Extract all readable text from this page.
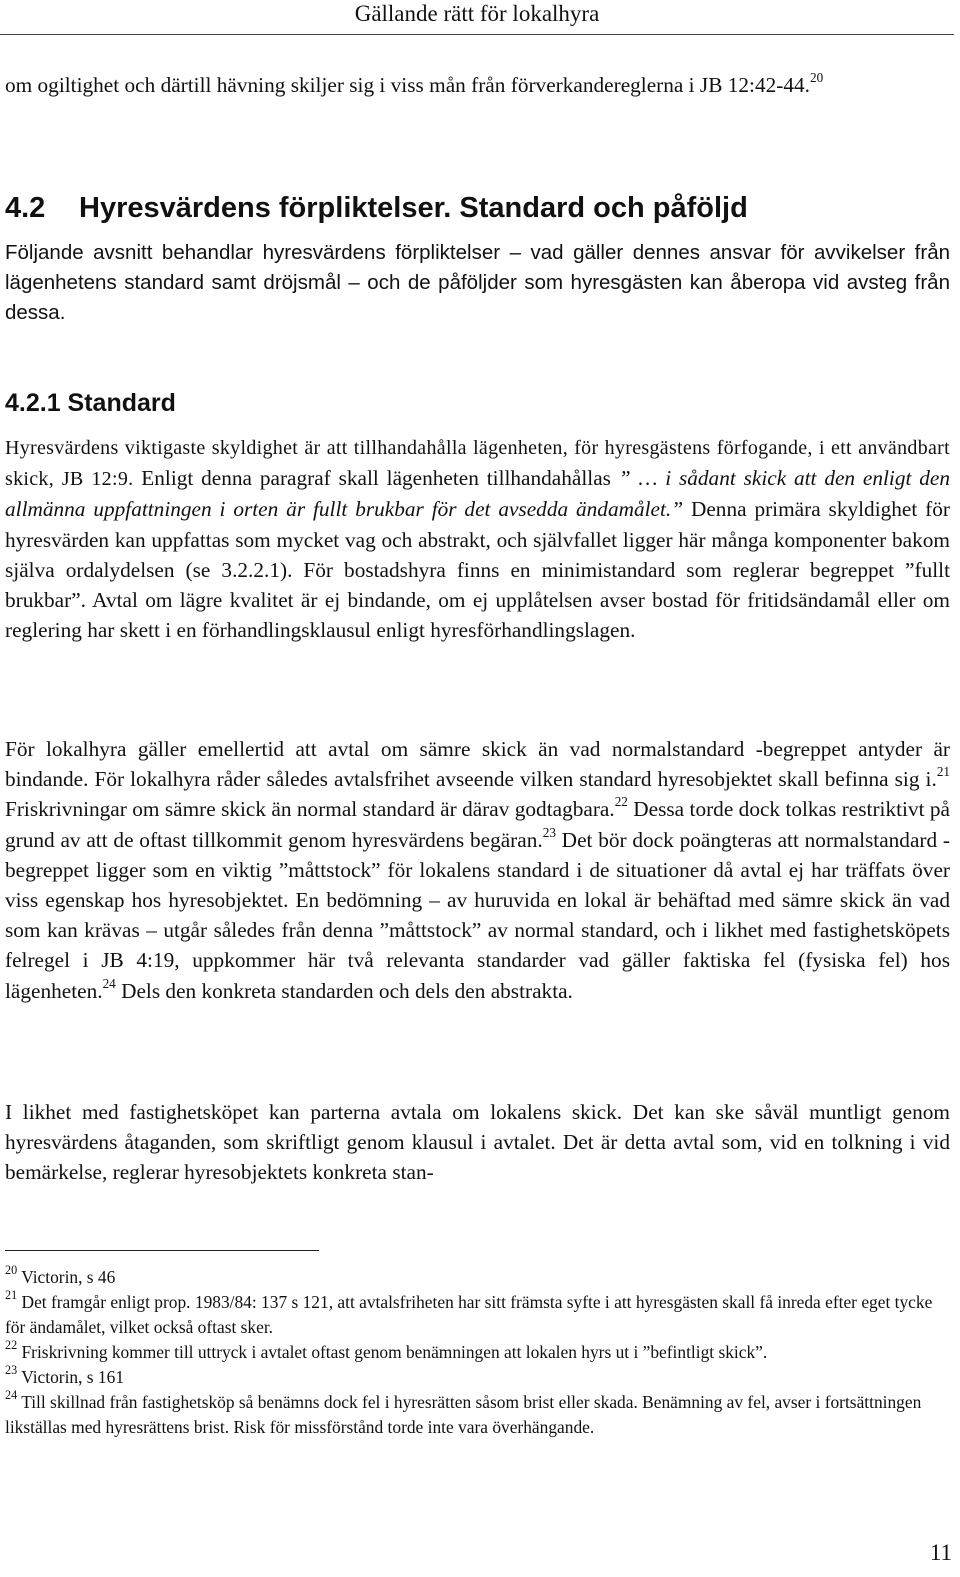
Gällande rätt för lokalhyra
om ogiltighet och därtill hävning skiljer sig i viss mån från förverkandereglerna i JB 12:42-44.20
4.2 Hyresvärdens förpliktelser. Standard och påföljd
Följande avsnitt behandlar hyresvärdens förpliktelser – vad gäller dennes ansvar för avvikelser från lägenhetens standard samt dröjsmål – och de påföljder som hyresgästen kan åberopa vid avsteg från dessa.
4.2.1 Standard
Hyresvärdens viktigaste skyldighet är att tillhandahålla lägenheten, för hyresgästens förfogande, i ett användbart skick, JB 12:9. Enligt denna paragraf skall lägenheten tillhandahållas ” … i sådant skick att den enligt den allmänna uppfattningen i orten är fullt brukbar för det avsedda ändamålet.” Denna primära skyldighet för hyresvärden kan uppfattas som mycket vag och abstrakt, och självfallet ligger här många komponenter bakom själva ordalydelsen (se 3.2.2.1). För bostadshyra finns en minimistandard som reglerar begreppet ”fullt brukbar”. Avtal om lägre kvalitet är ej bindande, om ej upplåtelsen avser bostad för fritidsändamål eller om reglering har skett i en förhandlingsklausul enligt hyresförhandlingslagen.
För lokalhyra gäller emellertid att avtal om sämre skick än vad normalstandard -begreppet antyder är bindande. För lokalhyra råder således avtalsfrihet avseende vilken standard hyresobjektet skall befinna sig i.$^{21}$ Friskrivningar om sämre skick än normal standard är därav godtagbara.$^{22}$ Dessa torde dock tolkas restriktivt på grund av att de oftast tillkommit genom hyresvärdens begäran.$^{23}$ Det bör dock poängteras att normalstandard -begreppet ligger som en viktig ”måttstock” för lokalens standard i de situationer då avtal ej har träffats över viss egenskap hos hyresobjektet. En bedömning – av huruvida en lokal är behäftad med sämre skick än vad som kan krävas – utgår således från denna ”måttstock” av normal standard, och i likhet med fastighetsköpets felregel i JB 4:19, uppkommer här två relevanta standarder vad gäller faktiska fel (fysiska fel) hos lägenheten.$^{24}$ Dels den konkreta standarden och dels den abstrakta.
I likhet med fastighetsköpet kan parterna avtala om lokalens skick. Det kan ske såväl muntligt genom hyresvärdens åtaganden, som skriftligt genom klausul i avtalet. Det är detta avtal som, vid en tolkning i vid bemärkelse, reglerar hyresobjektets konkreta stan-
$^{20}$ Victorin, s 46
$^{21}$ Det framgår enligt prop. 1983/84: 137 s 121, att avtalsfriheten har sitt främsta syfte i att hyresgästen skall få inreda efter eget tycke för ändamålet, vilket också oftast sker.
$^{22}$ Friskrivning kommer till uttryck i avtalet oftast genom benämningen att lokalen hyrs ut i ”befintligt skick”.
$^{23}$ Victorin, s 161
$^{24}$ Till skillnad från fastighetsköp så benämns dock fel i hyresrätten såsom brist eller skada. Benämning av fel, avser i fortsättningen likställas med hyresrättens brist. Risk för missförstånd torde inte vara överhängande.
11
